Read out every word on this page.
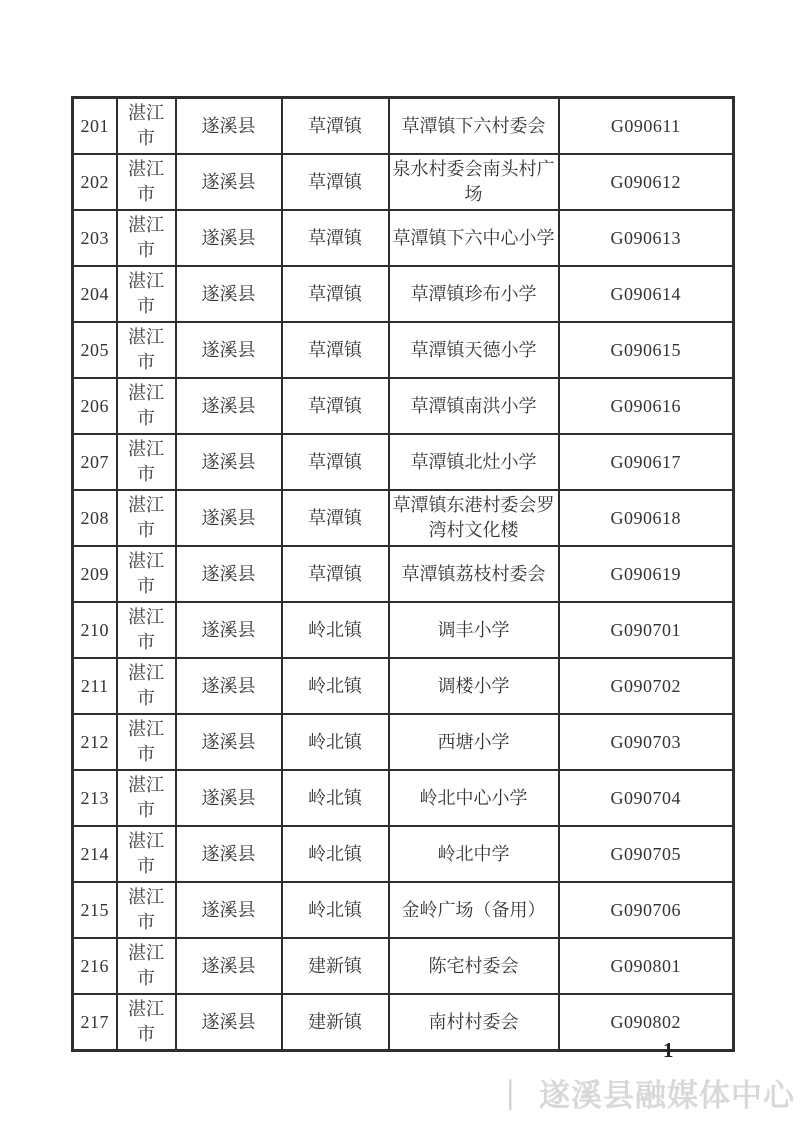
201	湛江市	遂溪县	草潭镇	草潭镇下六村委会	G090611
202	湛江市	遂溪县	草潭镇	泉水村委会南头村广场	G090612
203	湛江市	遂溪县	草潭镇	草潭镇下六中心小学	G090613
204	湛江市	遂溪县	草潭镇	草潭镇珍布小学	G090614
205	湛江市	遂溪县	草潭镇	草潭镇天德小学	G090615
206	湛江市	遂溪县	草潭镇	草潭镇南洪小学	G090616
207	湛江市	遂溪县	草潭镇	草潭镇北灶小学	G090617
208	湛江市	遂溪县	草潭镇	草潭镇东港村委会罗湾村文化楼	G090618
209	湛江市	遂溪县	草潭镇	草潭镇荔枝村委会	G090619
210	湛江市	遂溪县	岭北镇	调丰小学	G090701
211	湛江市	遂溪县	岭北镇	调楼小学	G090702
212	湛江市	遂溪县	岭北镇	西塘小学	G090703
213	湛江市	遂溪县	岭北镇	岭北中心小学	G090704
214	湛江市	遂溪县	岭北镇	岭北中学	G090705
215	湛江市	遂溪县	岭北镇	金岭广场（备用）	G090706
216	湛江市	遂溪县	建新镇	陈宅村委会	G090801
217	湛江市	遂溪县	建新镇	南村村委会	G090802
1
丨 遂溪县融媒体中心
